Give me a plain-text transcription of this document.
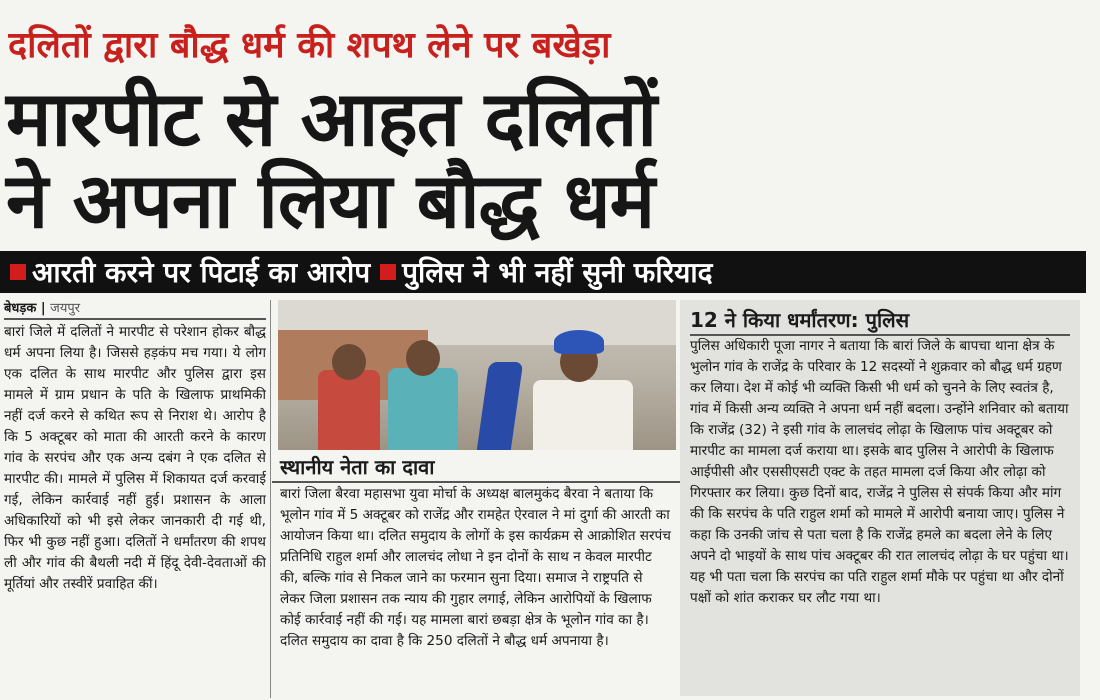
दलितों द्वारा बौद्ध धर्म की शपथ लेने पर बखेड़ा
मारपीट से आहत दलितों
ने अपना लिया बौद्ध धर्म
आरती करने पर पिटाई का आरोप पुलिस ने भी नहीं सुनी फरियाद
बेधड़क | जयपुर

बारां जिले में दलितों ने मारपीट से परेशान होकर बौद्ध धर्म अपना लिया है। जिससे हड़कंप मच गया। ये लोग एक दलित के साथ मारपीट और पुलिस द्वारा इस मामले में ग्राम प्रधान के पति के खिलाफ प्राथमिकी नहीं दर्ज करने से कथित रूप से निराश थे। आरोप है कि 5 अक्टूबर को माता की आरती करने के कारण गांव के सरपंच और एक अन्य दबंग ने एक दलित से मारपीट की। मामले में पुलिस में शिकायत दर्ज करवाई गई, लेकिन कार्रवाई नहीं हुई। प्रशासन के आला अधिकारियों को भी इसे लेकर जानकारी दी गई थी, फिर भी कुछ नहीं हुआ। दलितों ने धर्मांतरण की शपथ ली और गांव की बैथली नदी में हिंदू देवी-देवताओं की मूर्तियां और तस्वीरें प्रवाहित कीं।

स्थानीय नेता का दावा

बारां जिला बैरवा महासभा युवा मोर्चा के अध्यक्ष बालमुकंद बैरवा ने बताया कि भूलोन गांव में 5 अक्टूबर को राजेंद्र और रामहेत ऐरवाल ने मां दुर्गा की आरती का आयोजन किया था। दलित समुदाय के लोगों के इस कार्यक्रम से आक्रोशित सरपंच प्रतिनिधि राहुल शर्मा और लालचंद लोधा ने इन दोनों के साथ न केवल मारपीट की, बल्कि गांव से निकल जाने का फरमान सुना दिया। समाज ने राष्ट्रपति से लेकर जिला प्रशासन तक न्याय की गुहार लगाई, लेकिन आरोपियों के खिलाफ कोई कार्रवाई नहीं की गई। यह मामला बारां छबड़ा क्षेत्र के भूलोन गांव का है। दलित समुदाय का दावा है कि 250 दलितों ने बौद्ध धर्म अपनाया है।

12 ने किया धर्मांतरण: पुलिस

पुलिस अधिकारी पूजा नागर ने बताया कि बारां जिले के बापचा थाना क्षेत्र के भुलोन गांव के राजेंद्र के परिवार के 12 सदस्यों ने शुक्रवार को बौद्ध धर्म ग्रहण कर लिया। देश में कोई भी व्यक्ति किसी भी धर्म को चुनने के लिए स्वतंत्र है, गांव में किसी अन्य व्यक्ति ने अपना धर्म नहीं बदला। उन्होंने शनिवार को बताया कि राजेंद्र (32) ने इसी गांव के लालचंद लोढ़ा के खिलाफ पांच अक्टूबर को मारपीट का मामला दर्ज कराया था। इसके बाद पुलिस ने आरोपी के खिलाफ आईपीसी और एससीएसटी एक्ट के तहत मामला दर्ज किया और लोढ़ा को गिरफ्तार कर लिया। कुछ दिनों बाद, राजेंद्र ने पुलिस से संपर्क किया और मांग की कि सरपंच के पति राहुल शर्मा को मामले में आरोपी बनाया जाए। पुलिस ने कहा कि उनकी जांच से पता चला है कि राजेंद्र हमले का बदला लेने के लिए अपने दो भाइयों के साथ पांच अक्टूबर की रात लालचंद लोढ़ा के घर पहुंचा था। यह भी पता चला कि सरपंच का पति राहुल शर्मा मौके पर पहुंचा था और दोनों पक्षों को शांत कराकर घर लौट गया था।
